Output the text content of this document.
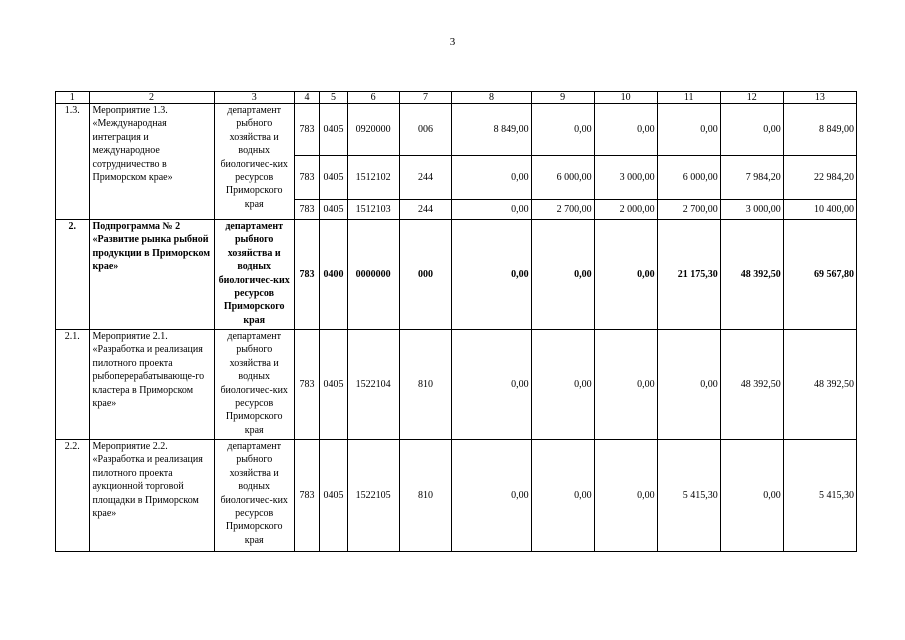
3
1	2	3	4	5	6	7	8	9	10	11	12	13
1.3.	Мероприятие 1.3. «Международная интеграция и международное сотрудничество в Приморском крае»	департамент рыбного хозяйства и водных биологичес-ких ресурсов Приморского края	783	0405	0920000	006	8 849,00	0,00	0,00	0,00	0,00	8 849,00
			783	0405	1512102	244	0,00	6 000,00	3 000,00	6 000,00	7 984,20	22 984,20
			783	0405	1512103	244	0,00	2 700,00	2 000,00	2 700,00	3 000,00	10 400,00
2.	Подпрограмма № 2 «Развитие рынка рыбной продукции в Приморском крае»	департамент рыбного хозяйства и водных биологичес-ких ресурсов Приморского края	783	0400	0000000	000	0,00	0,00	0,00	21 175,30	48 392,50	69 567,80
2.1.	Мероприятие 2.1. «Разработка и реализация пилотного проекта рыбоперерабатывающе-го кластера в Приморском крае»	департамент рыбного хозяйства и водных биологичес-ких ресурсов Приморского края	783	0405	1522104	810	0,00	0,00	0,00	0,00	48 392,50	48 392,50
2.2.	Мероприятие 2.2. «Разработка и реализация пилотного проекта аукционной торговой площадки в Приморском крае»	департамент рыбного хозяйства и водных биологичес-ких ресурсов Приморского края	783	0405	1522105	810	0,00	0,00	0,00	5 415,30	0,00	5 415,30
